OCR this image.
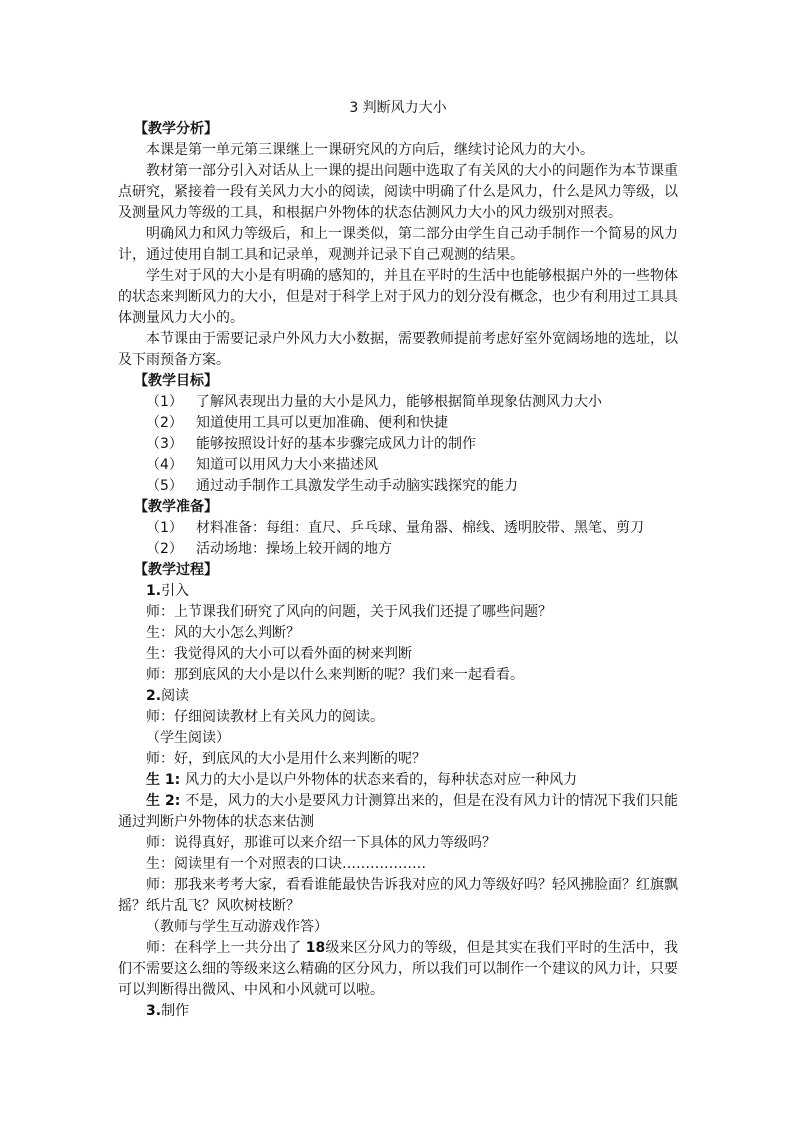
3 判断风力大小

【教学分析】

本课是第一单元第三课继上一课研究风的方向后，继续讨论风力的大小。

教材第一部分引入对话从上一课的提出问题中选取了有关风的大小的问题作为本节课重点研究，紧接着一段有关风力大小的阅读，阅读中明确了什么是风力，什么是风力等级，以及测量风力等级的工具，和根据户外物体的状态估测风力大小的风力级别对照表。

明确风力和风力等级后，和上一课类似，第二部分由学生自己动手制作一个简易的风力计，通过使用自制工具和记录单，观测并记录下自己观测的结果。

学生对于风的大小是有明确的感知的，并且在平时的生活中也能够根据户外的一些物体的状态来判断风力的大小，但是对于科学上对于风力的划分没有概念，也少有利用过工具具体测量风力大小的。

本节课由于需要记录户外风力大小数据，需要教师提前考虑好室外宽阔场地的选址，以及下雨预备方案。

【教学目标】

（1） 了解风表现出力量的大小是风力，能够根据简单现象估测风力大小
（2） 知道使用工具可以更加准确、便利和快捷
（3） 能够按照设计好的基本步骤完成风力计的制作
（4） 知道可以用风力大小来描述风
（5） 通过动手制作工具激发学生动手动脑实践探究的能力

【教学准备】

（1） 材料准备：每组：直尺、乒乓球、量角器、棉线、透明胶带、黑笔、剪刀
（2） 活动场地：操场上较开阔的地方

【教学过程】

1.引入

师：上节课我们研究了风向的问题，关于风我们还提了哪些问题？

生：风的大小怎么判断？

生：我觉得风的大小可以看外面的树来判断

师：那到底风的大小是以什么来判断的呢？我们来一起看看。

2.阅读

师：仔细阅读教材上有关风力的阅读。

（学生阅读）

师：好，到底风的大小是用什么来判断的呢？

生 1: 风力的大小是以户外物体的状态来看的，每种状态对应一种风力

生 2: 不是，风力的大小是要风力计测算出来的，但是在没有风力计的情况下我们只能通过判断户外物体的状态来估测

师：说得真好，那谁可以来介绍一下具体的风力等级吗？

生：阅读里有一个对照表的口诀………………

师：那我来考考大家，看看谁能最快告诉我对应的风力等级好吗？轻风拂脸面？红旗飘摇？纸片乱飞？风吹树枝断？

（教师与学生互动游戏作答）

师：在科学上一共分出了 18级来区分风力的等级，但是其实在我们平时的生活中，我们不需要这么细的等级来这么精确的区分风力，所以我们可以制作一个建议的风力计，只要可以判断得出微风、中风和小风就可以啦。

3.制作
